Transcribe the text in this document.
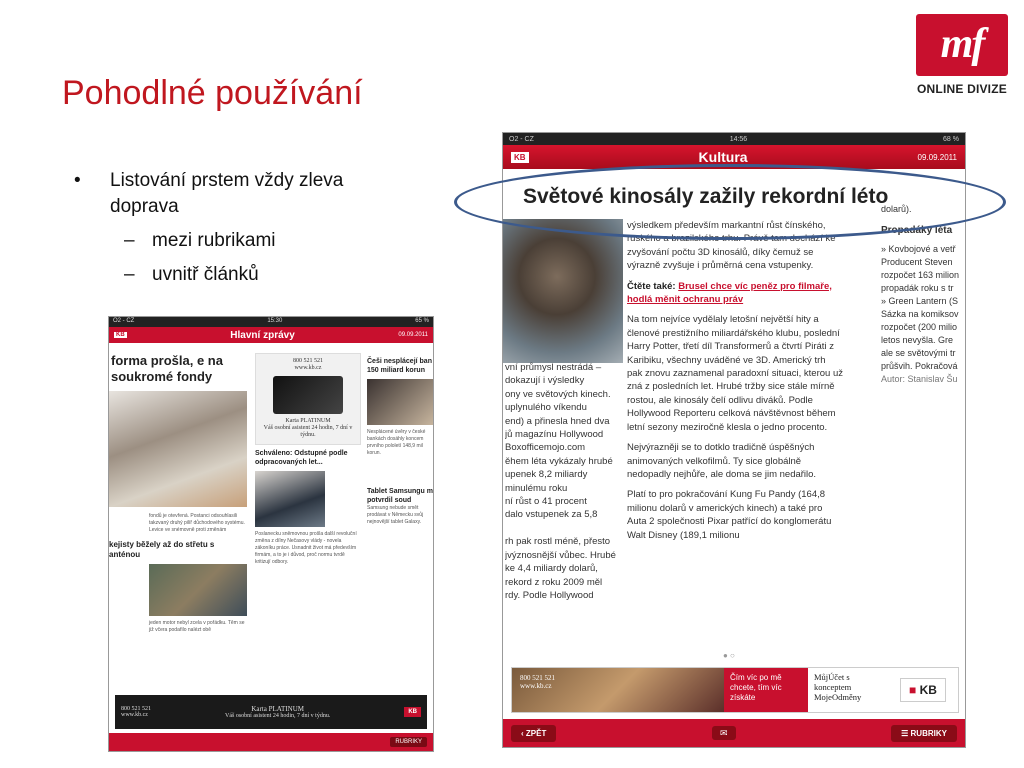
Pohodlné používání
mf
ONLINE DIVIZE
• Listování prstem vždy zleva doprava
– mezi rubrikami
– uvnitř článků
O2 - CZ	15:30	65 %
KB	Hlavní zprávy	09.09.2011
forma prošla, e na soukromé fondy
fondů je otevřená. Postanci odsouhlasili takzvaný druhý pilíř důchodového systému. Levice ve snémovně proti změnám
kejisty běžely až do střetu s anténou
jeden motor nebyl zcela v pořádku. Těm se již včera podařilo nalézt obě
800 521 521
www.kb.cz
Karta PLATINUM
Váš osobní asistent 24 hodin, 7 dní v týdnu.
Schváleno: Odstupné podle odpracovaných let...
Poslanecku sněmovnou prošla další revoluční změna z dílny Nečasovy vlády - novela zákoníku práce. Usnadnit život má především firmám, a to je i důvod, proč normu tvrdě kritizují odbory.
Češi nesplácejí ban 150 miliard korun
Nesplácené úvěry v české bankách dosáhly koncem prvního pololetí 148,9 mil korun.
Tablet Samsungu m potvrdil soud
Samsung nebude smět prodávat v Německu svůj nejnovější tablet Galaxy.
800 521 521
www.kb.cz
Karta PLATINUM
Váš osobní asistent 24 hodin, 7 dní v týdnu.
KB
RUBRIKY
O2 - CZ	14:56	68 %
KB	Kultura	09.09.2011
Světové kinosály zažily rekordní léto
vní průmysl nestrádá –
dokazují i výsledky
ony ve světových kinech.
uplynulého víkendu
end) a přinesla hned dva
jů magazínu Hollywood
Boxofficemojo.com
ěhem léta vykázaly hrubé
upenek 8,2 miliardy
minulému roku
ní růst o 41 procent
dalo vstupenek za 5,8

rh pak rostl méně, přesto
jvýznosnější vůbec. Hrubé
ke 4,4 miliardy dolarů,
rekord z roku 2009 měl
rdy. Podle Hollywood

výsledkem především markantní růst čínského, ruského a brazilského trhu. Právě tam dochází ke zvyšování počtu 3D kinosálů, díky čemuž se výrazně zvyšuje i průměrná cena vstupenky.

Čtěte také: Brusel chce víc peněz pro filmaře, hodlá měnit ochranu práv

Na tom nejvíce vydělaly letošní největší hity a členové prestižního miliardářského klubu, poslední Harry Potter, třetí díl Transformerů a čtvrtí Piráti z Karibiku, všechny uváděné ve 3D. Americký trh pak znovu zaznamenal paradoxní situaci, kterou už zná z posledních let. Hrubé tržby sice stále mírně rostou, ale kinosály čelí odlivu diváků. Podle Hollywood Reporteru celková návštěvnost během letní sezony meziročně klesla o jedno procento.

Nejvýrazněji se to dotklo tradičně úspěšných animovaných velkofilmů. Ty sice globálně nedopadly nejhůře, ale doma se jim nedařilo.

Platí to pro pokračování Kung Fu Pandy (164,8 milionu dolarů v amerických kinech) a také pro Auta 2 společnosti Pixar patřící do konglomerátu Walt Disney (189,1 milionu

dolarů).
Propadáky léta
» Kovbojové a vetř
Producent Steven
rozpočet 163 milion
propadák roku s tr
» Green Lantern (S
Sázka na komiksov
rozpočet (200 milio
letos nevyšla. Gre
ale se světovými tr
průšvih. Pokračová
Autor: Stanislav Šu
● ○
800 521 521
www.kb.cz
Čím víc po mě chcete, tím víc získáte
MůjÚčet s konceptem MojeOdměny	■ KB
‹ ZPĚT	✉	☰ RUBRIKY
